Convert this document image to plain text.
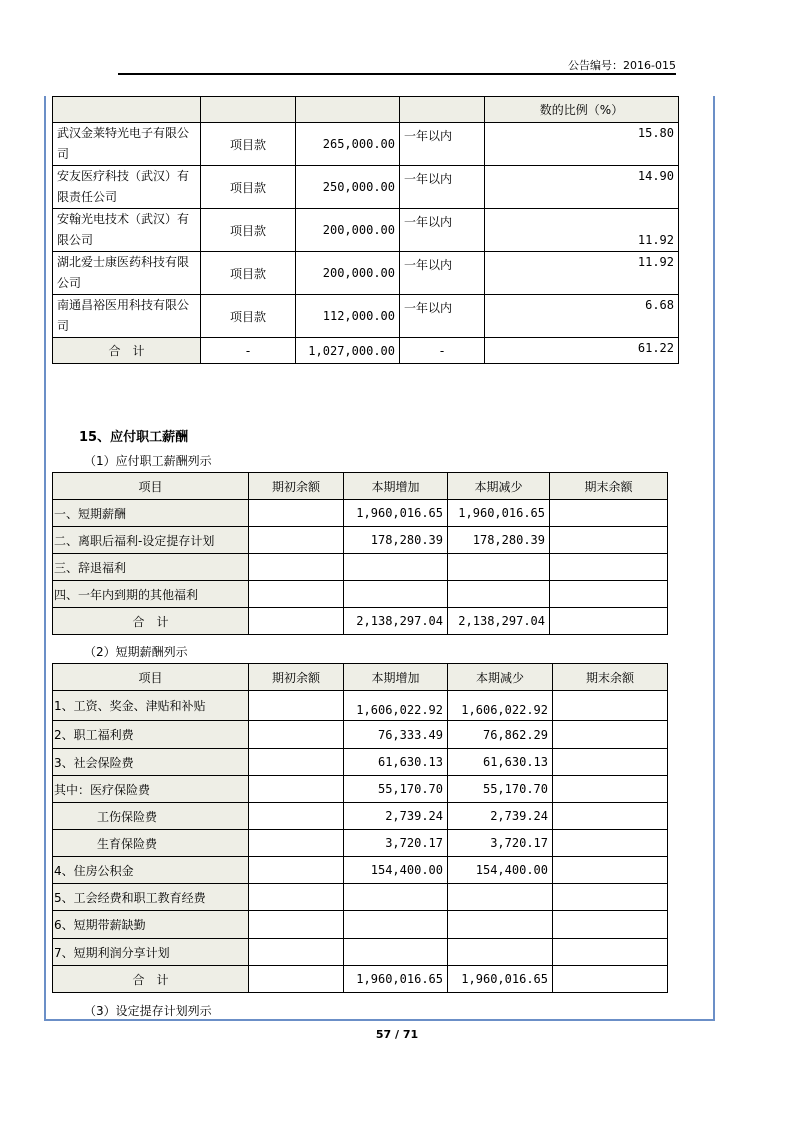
公告编号：2016-015
				数的比例（%）
武汉金莱特光电子有限公司	项目款	265,000.00	一年以内	15.80
安友医疗科技（武汉）有限责任公司	项目款	250,000.00	一年以内	14.90
安翰光电技术（武汉）有限公司	项目款	200,000.00	一年以内	11.92
湖北爱士康医药科技有限公司	项目款	200,000.00	一年以内	11.92
南通昌裕医用科技有限公司	项目款	112,000.00	一年以内	6.68
合　计	-	1,027,000.00	-	61.22
15、应付职工薪酬
（1）应付职工薪酬列示
项目	期初余额	本期增加	本期减少	期末余额
一、短期薪酬		1,960,016.65	1,960,016.65	
二、离职后福利-设定提存计划		178,280.39	178,280.39	
三、辞退福利				
四、一年内到期的其他福利				
合　计		2,138,297.04	2,138,297.04	
（2）短期薪酬列示
项目	期初余额	本期增加	本期减少	期末余额
1、工资、奖金、津贴和补贴		1,606,022.92	1,606,022.92	
2、职工福利费		76,333.49	76,862.29	
3、社会保险费		61,630.13	61,630.13	
其中：医疗保险费		55,170.70	55,170.70	
工伤保险费		2,739.24	2,739.24	
生育保险费		3,720.17	3,720.17	
4、住房公积金		154,400.00	154,400.00	
5、工会经费和职工教育经费				
6、短期带薪缺勤				
7、短期利润分享计划				
合　计		1,960,016.65	1,960,016.65	
（3）设定提存计划列示
57 / 71
